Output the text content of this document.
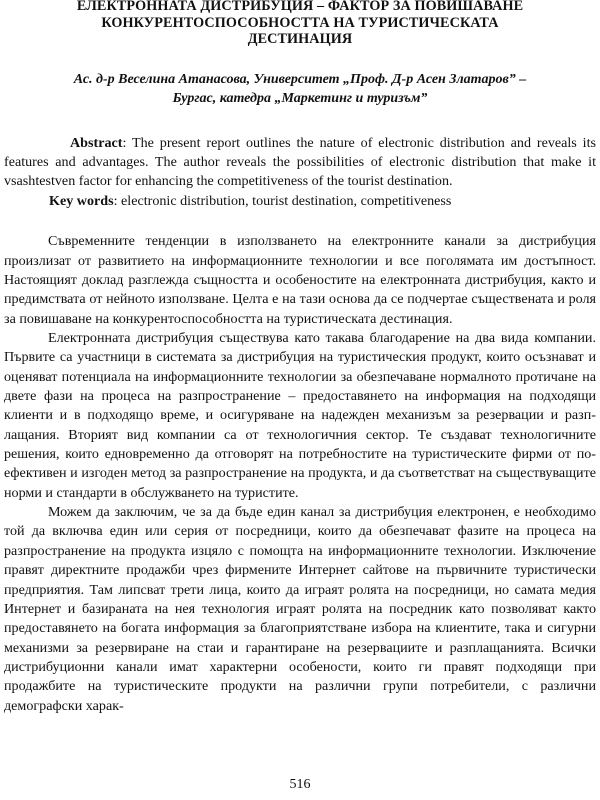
ЕЛЕКТРОННАТА ДИСТРИБУЦИЯ – ФАКТОР ЗА ПОВИШАВАНЕ
КОНКУРЕНТОСПОСОБНОСТТА НА ТУРИСТИЧЕСКАТА
ДЕСТИНАЦИЯ
Ас. д-р Веселина Атанасова, Университет „Проф. Д-р Асен Златаров” –
Бургас, катедра „Маркетинг и туризъм”
Abstract: The present report outlines the nature of electronic distribution and reveals its features and advantages. The author reveals the possibilities of electronic distribution that make it vsashtestven factor for enhancing the competitiveness of the tourist destination.
Key words: electronic distribution, tourist destination, competitiveness

Съвременните тенденции в използването на електронните канали за дистрибуция произлизат от развитието на информационните технологии и все поголямата им достъпност. Настоящият доклад разглежда същността и особеностите на електронната дистрибуция, както и предимствата от нейното използване. Целта е на тази основа да се подчертае съществената и роля за повишаване на конкурентоспособността на туристическата дестинация.

Електронната дистрибуция съществува като такава благодарение на два вида компании. Първите са участници в системата за дистрибуция на туристическия продукт, които осъзнават и оценяват потенциала на информационните технологии за обезпечаване нормалното протичане на двете фази на процеса на разпространение – предоставянето на информация на подходящи клиенти и в подходящо време, и осигуряване на надежден механизъм за резервации и разплащания. Вторият вид компании са от технологичния сектор. Те създават технологичните решения, които едновременно да отговорят на потребностите на туристическите фирми от по-ефективен и изгоден метод за разпространение на продукта, и да съответстват на съществуващите норми и стандарти в обслужването на туристите.

Можем да заключим, че за да бъде един канал за дистрибуция електронен, е необходимо той да включва един или серия от посредници, които да обезпечават фазите на процеса на разпространение на продукта изцяло с помощта на информационните технологии. Изключение правят директните продажби чрез фирмените Интернет сайтове на първичните туристически предприятия. Там липсват трети лица, които да играят ролята на посредници, но самата медия Интернет и базираната на нея технология играят ролята на посредник като позволяват както предоставянето на богата информация за благоприятстване избора на клиентите, така и сигурни механизми за резервиране на стаи и гарантиране на резервациите и разплащанията. Всички дистрибуционни канали имат характерни особености, които ги правят подходящи при продажбите на туристическите продукти на различни групи потребители, с различни демографски харак-

516
